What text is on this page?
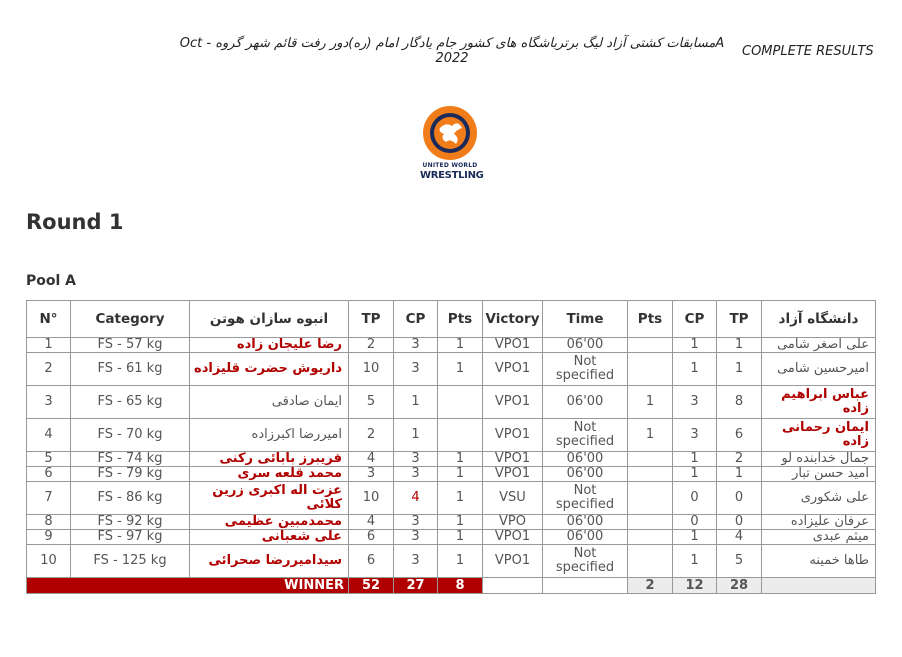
Oct - مسابقات کشتی آزاد لیگ برترباشگاه های کشور جام یادگار امام (ره)دور رفت قائم شهر گروهA
2022	COMPLETE RESULTS
UNITED WORLD
WRESTLING
Round 1
Pool A
N°	Category	انبوه سازان هوتن	TP	CP	Pts	Victory	Time	Pts	CP	TP	دانشگاه آزاد
1	FS - 57 kg	رضا علیجان زاده	2	3	1	VPO1	06'00		1	1	علی اصغر شامی
2	FS - 61 kg	داریوش حضرت قلیزاده	10	3	1	VPO1	Not specified		1	1	امیرحسین شامی
3	FS - 65 kg	ایمان صادقی	5	1		VPO1	06'00	1	3	8	عباس ابراهیم زاده
4	FS - 70 kg	امیررضا اکبرزاده	2	1		VPO1	Not specified	1	3	6	ایمان رحمانی زاده
5	FS - 74 kg	فریبرز بابائی رکنی	4	3	1	VPO1	06'00		1	2	جمال خدابنده لو
6	FS - 79 kg	محمد قلعه سری	3	3	1	VPO1	06'00		1	1	امید حسن تبار
7	FS - 86 kg	عزت اله اکبری زرین کلائی	10	4	1	VSU	Not specified		0	0	علی شکوری
8	FS - 92 kg	محمدمبین عظیمی	4	3	1	VPO	06'00		0	0	عرفان علیزاده
9	FS - 97 kg	علی شعبانی	6	3	1	VPO1	06'00		1	4	میثم عبدی
10	FS - 125 kg	سیدامیررضا صحرائی	6	3	1	VPO1	Not specified		1	5	طاها خمینه
WINNER			52	27	8			2	12	28	
